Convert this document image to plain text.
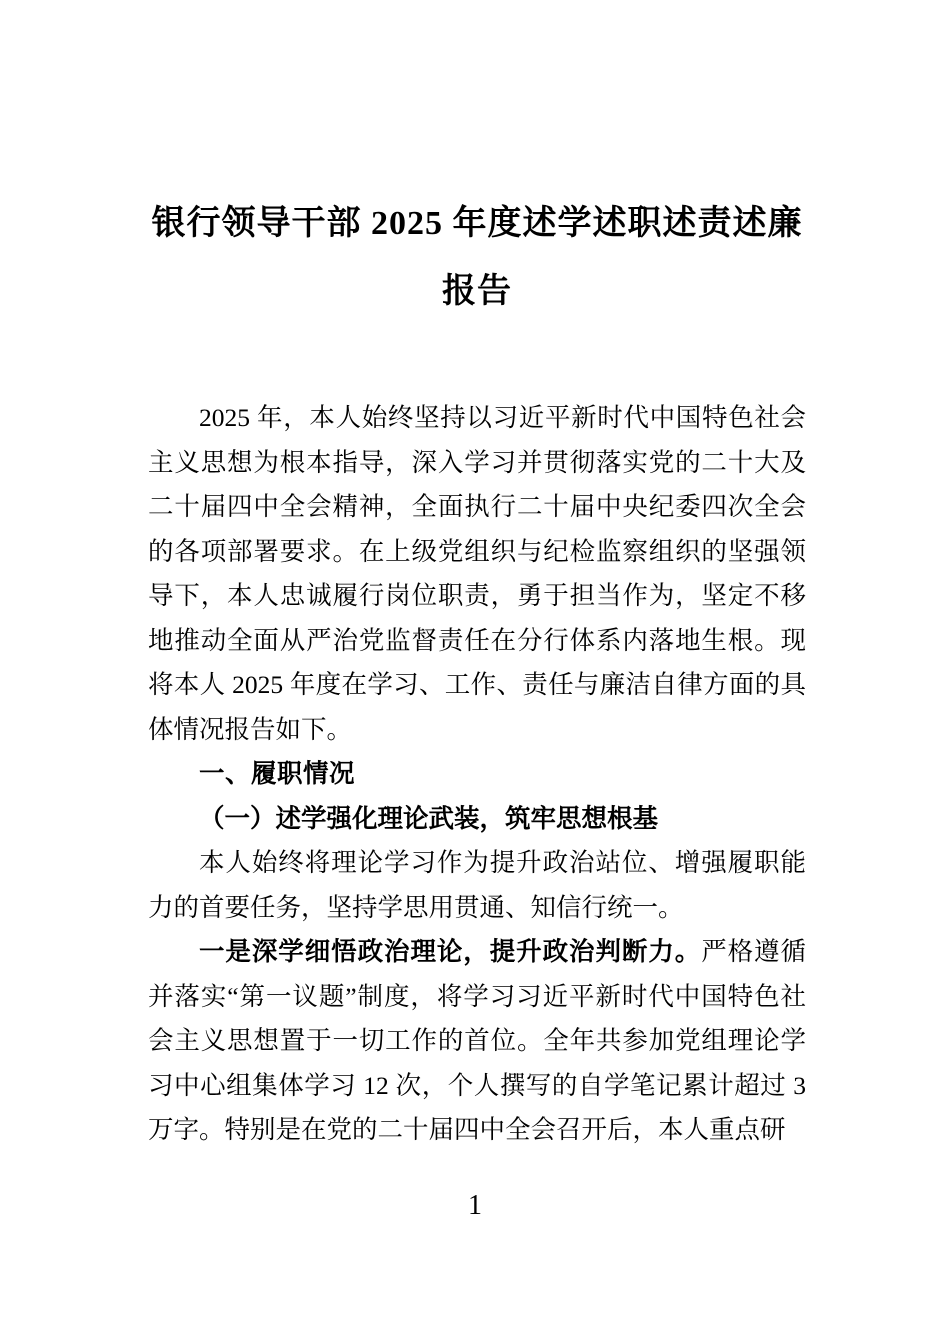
银行领导干部 2025 年度述学述职述责述廉
报告

2025 年，本人始终坚持以习近平新时代中国特色社会主义思想为根本指导，深入学习并贯彻落实党的二十大及二十届四中全会精神，全面执行二十届中央纪委四次全会的各项部署要求。在上级党组织与纪检监察组织的坚强领导下，本人忠诚履行岗位职责，勇于担当作为，坚定不移地推动全面从严治党监督责任在分行体系内落地生根。现将本人 2025 年度在学习、工作、责任与廉洁自律方面的具体情况报告如下。

一、履职情况
（一）述学强化理论武装，筑牢思想根基

本人始终将理论学习作为提升政治站位、增强履职能力的首要任务，坚持学思用贯通、知信行统一。

一是深学细悟政治理论，提升政治判断力。严格遵循并落实“第一议题”制度，将学习习近平新时代中国特色社会主义思想置于一切工作的首位。全年共参加党组理论学习中心组集体学习 12 次，个人撰写的自学笔记累计超过 3 万字。特别是在党的二十届四中全会召开后，本人重点研

1
